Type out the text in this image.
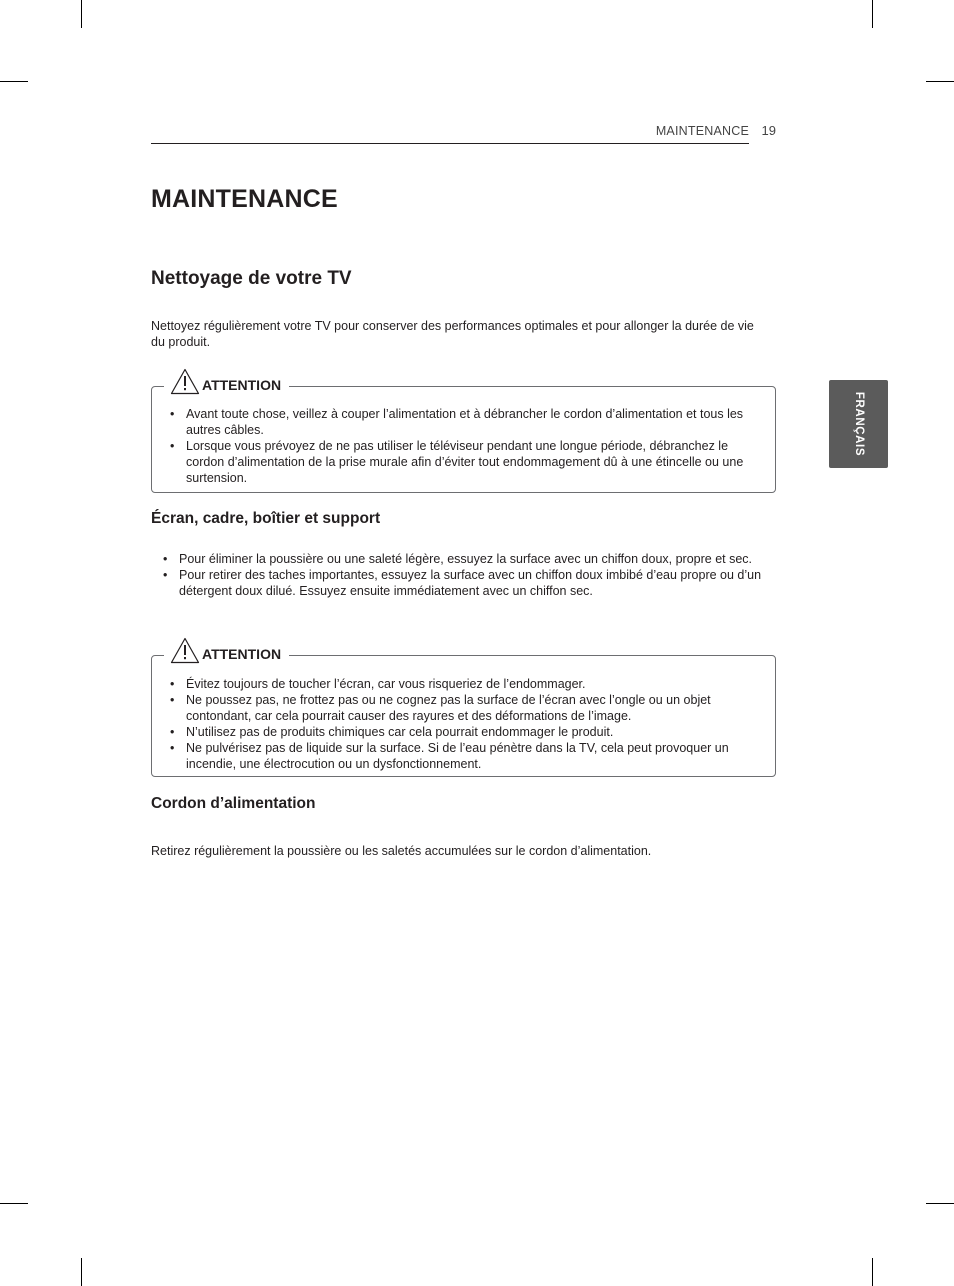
MAINTENANCE 19
FRANÇAIS
MAINTENANCE
Nettoyage de votre TV

Nettoyez régulièrement votre TV pour conserver des performances optimales et pour allonger la durée de vie du produit.

ATTENTION
• Avant toute chose, veillez à couper l’alimentation et à débrancher le cordon d’alimentation et tous les autres câbles.
• Lorsque vous prévoyez de ne pas utiliser le téléviseur pendant une longue période, débranchez le cordon d’alimentation de la prise murale afin d’éviter tout endommagement dû à une étincelle ou une surtension.
Écran, cadre, boîtier et support
• Pour éliminer la poussière ou une saleté légère, essuyez la surface avec un chiffon doux, propre et sec.
• Pour retirer des taches importantes, essuyez la surface avec un chiffon doux imbibé d’eau propre ou d’un détergent doux dilué. Essuyez ensuite immédiatement avec un chiffon sec.
ATTENTION
• Évitez toujours de toucher l’écran, car vous risqueriez de l’endommager.
• Ne poussez pas, ne frottez pas ou ne cognez pas la surface de l’écran avec l’ongle ou un objet contondant, car cela pourrait causer des rayures et des déformations de l’image.
• N’utilisez pas de produits chimiques car cela pourrait endommager le produit.
• Ne pulvérisez pas de liquide sur la surface. Si de l’eau pénètre dans la TV, cela peut provoquer un incendie, une électrocution ou un dysfonctionnement.
Cordon d’alimentation

Retirez régulièrement la poussière ou les saletés accumulées sur le cordon d’alimentation.
